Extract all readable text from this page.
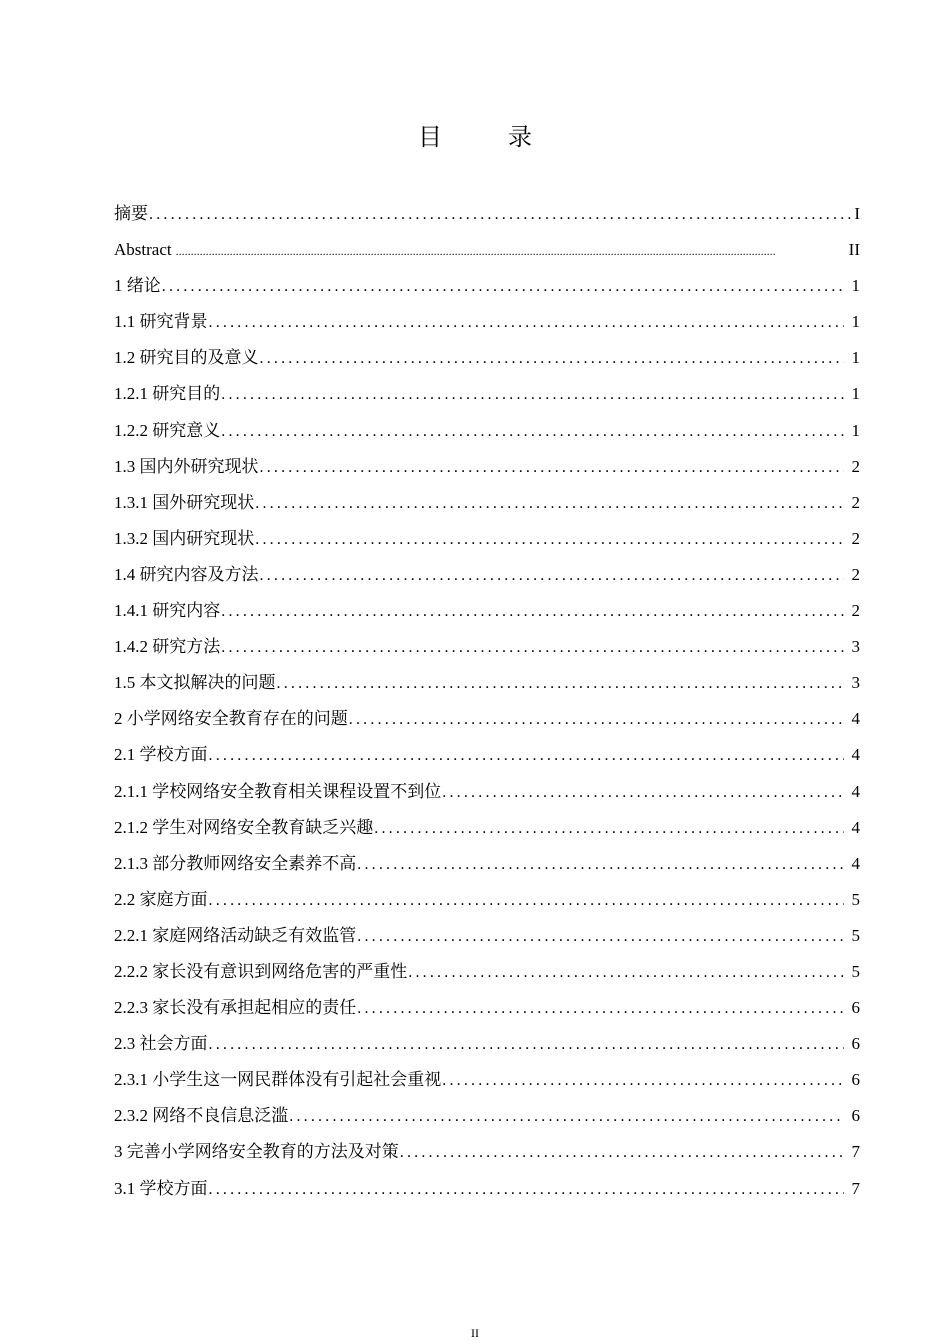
目 录
摘要 .....	I
Abstract .....	II
1 绪论 .....	1
1.1 研究背景 .....	1
1.2 研究目的及意义 .....	1
1.2.1 研究目的 .....	1
1.2.2 研究意义 .....	1
1.3 国内外研究现状 .....	2
1.3.1 国外研究现状 .....	2
1.3.2 国内研究现状 .....	2
1.4 研究内容及方法 .....	2
1.4.1 研究内容 .....	2
1.4.2 研究方法 .....	3
1.5 本文拟解决的问题 .....	3
2 小学网络安全教育存在的问题 .....	4
2.1 学校方面 .....	4
2.1.1 学校网络安全教育相关课程设置不到位 .....	4
2.1.2 学生对网络安全教育缺乏兴趣 .....	4
2.1.3 部分教师网络安全素养不高 .....	4
2.2 家庭方面 .....	5
2.2.1 家庭网络活动缺乏有效监管 .....	5
2.2.2 家长没有意识到网络危害的严重性 .....	5
2.2.3 家长没有承担起相应的责任 .....	6
2.3 社会方面 .....	6
2.3.1 小学生这一网民群体没有引起社会重视 .....	6
2.3.2 网络不良信息泛滥 .....	6
3 完善小学网络安全教育的方法及对策 .....	7
3.1 学校方面 .....	7
II
